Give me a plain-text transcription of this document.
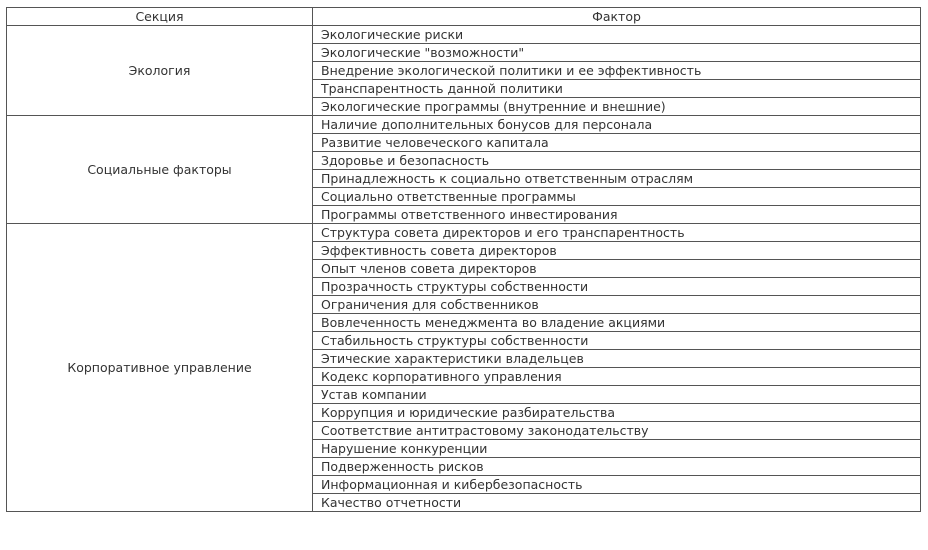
Секция	Фактор
Экология	Экологические риски
	Экологические "возможности"
	Внедрение экологической политики и ее эффективность
	Транспарентность данной политики
	Экологические программы (внутренние и внешние)
Социальные факторы	Наличие дополнительных бонусов для персонала
	Развитие человеческого капитала
	Здоровье и безопасность
	Принадлежность к социально ответственным отраслям
	Социально ответственные программы
	Программы ответственного инвестирования
Корпоративное управление	Структура совета директоров и его транспарентность
	Эффективность совета директоров
	Опыт членов совета директоров
	Прозрачность структуры собственности
	Ограничения для собственников
	Вовлеченность менеджмента во владение акциями
	Стабильность структуры собственности
	Этические характеристики владельцев
	Кодекс корпоративного управления
	Устав компании
	Коррупция и юридические разбирательства
	Соответствие антитрастовому законодательству
	Нарушение конкуренции
	Подверженность рисков
	Информационная и кибербезопасность
	Качество отчетности
